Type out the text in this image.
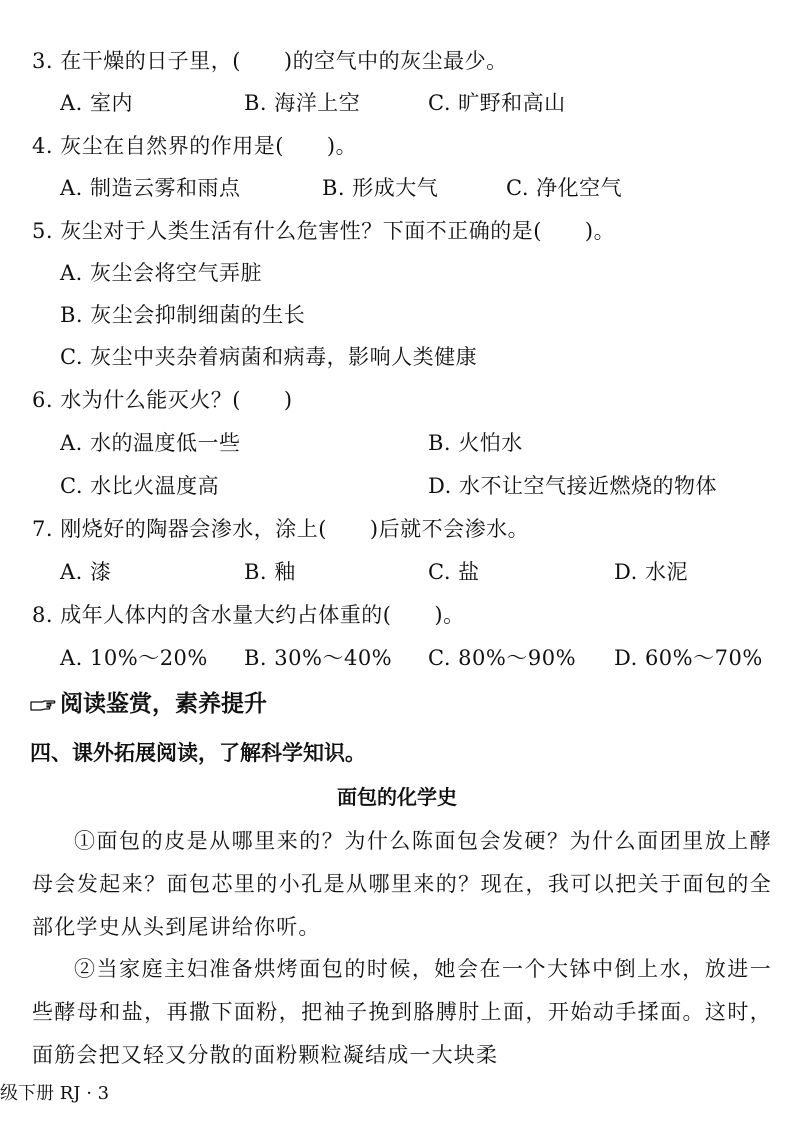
3. 在干燥的日子里，(　　)的空气中的灰尘最少。
A. 室内	B. 海洋上空	C. 旷野和高山
4. 灰尘在自然界的作用是(　　)。
A. 制造云雾和雨点	B. 形成大气	C. 净化空气
5. 灰尘对于人类生活有什么危害性？下面不正确的是(　　)。
A. 灰尘会将空气弄脏
B. 灰尘会抑制细菌的生长
C. 灰尘中夹杂着病菌和病毒，影响人类健康
6. 水为什么能灭火？(　　)
A. 水的温度低一些	B. 火怕水
C. 水比火温度高	D. 水不让空气接近燃烧的物体
7. 刚烧好的陶器会渗水，涂上(　　)后就不会渗水。
A. 漆	B. 釉	C. 盐	D. 水泥
8. 成年人体内的含水量大约占体重的(　　)。
A. 10%～20% B. 30%～40% C. 80%～90% D. 60%～70%
阅读鉴赏，素养提升
四、课外拓展阅读，了解科学知识。
面包的化学史
①面包的皮是从哪里来的？为什么陈面包会发硬？为什么面团里放上酵母会发起来？面包芯里的小孔是从哪里来的？现在，我可以把关于面包的全部化学史从头到尾讲给你听。
②当家庭主妇准备烘烤面包的时候，她会在一个大钵中倒上水，放进一些酵母和盐，再撒下面粉，把袖子挽到胳膊肘上面，开始动手揉面。这时，面筋会把又轻又分散的面粉颗粒凝结成一大块柔
级下册 RJ · 3
